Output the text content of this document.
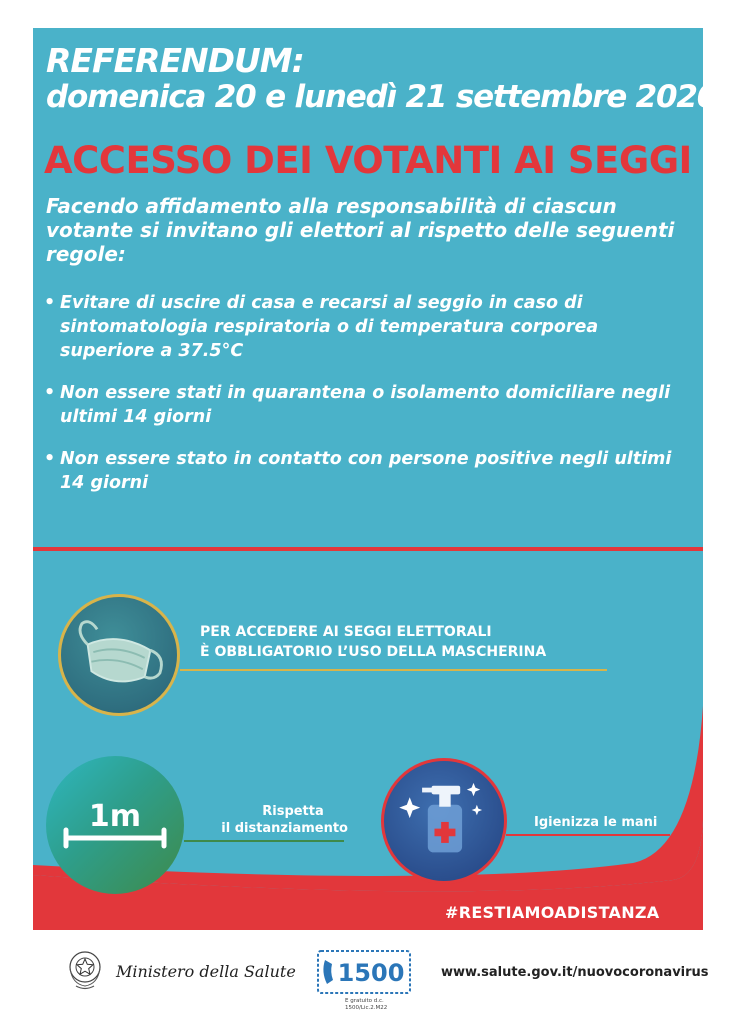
REFERENDUM:
domenica 20 e lunedì 21 settembre 2020
ACCESSO DEI VOTANTI AI SEGGI
Facendo affidamento alla responsabilità di ciascun votante si invitano gli elettori al rispetto delle seguenti regole:
• Evitare di uscire di casa e recarsi al seggio in caso di sintomatologia respiratoria o di temperatura corporea superiore a 37.5°C
• Non essere stati in quarantena o isolamento domiciliare negli ultimi 14 giorni
• Non essere stato in contatto con persone positive negli ultimi 14 giorni
PER ACCEDERE AI SEGGI ELETTORALI
È OBBLIGATORIO L’USO DELLA MASCHERINA
1m	Rispetta
il distanziamento	Igienizza le mani
#RESTIAMOADISTANZA
Ministero della Salute 1500
E gratuito d.c.
1500/Lic.2.M22
www.salute.gov.it/nuovocoronavirus
